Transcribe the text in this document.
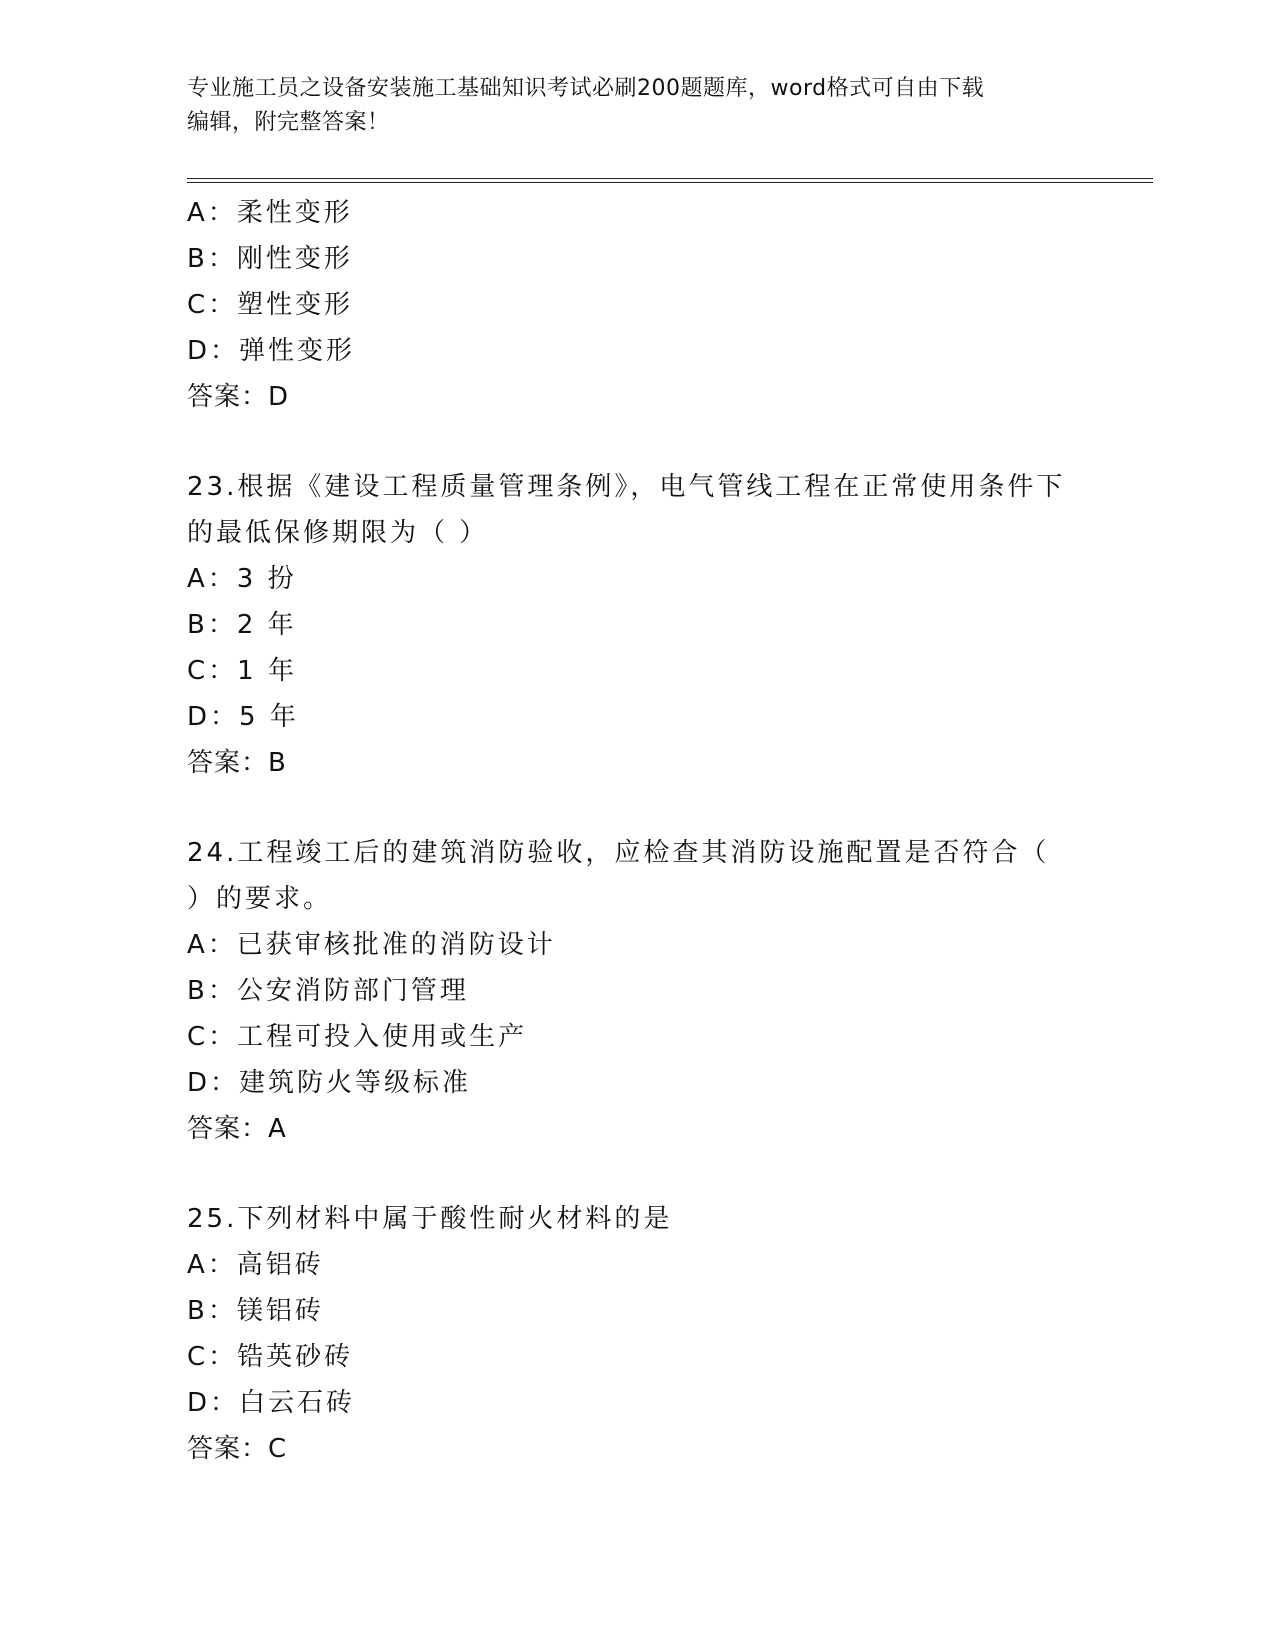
专业施工员之设备安装施工基础知识考试必刷200题题库，word格式可自由下载
编辑，附完整答案！
A：柔性变形
B：刚性变形
C：塑性变形
D：弹性变形
答案：D
23.根据《建设工程质量管理条例》，电气管线工程在正常使用条件下
的最低保修期限为（ ）
A：3 扮
B：2 年
C：1 年
D：5 年
答案：B
24.工程竣工后的建筑消防验收，应检查其消防设施配置是否符合（
）的要求。
A：已获审核批准的消防设计
B：公安消防部门管理
C：工程可投入使用或生产
D：建筑防火等级标准
答案：A
25.下列材料中属于酸性耐火材料的是
A：高铝砖
B：镁铝砖
C：锆英砂砖
D：白云石砖
答案：C
